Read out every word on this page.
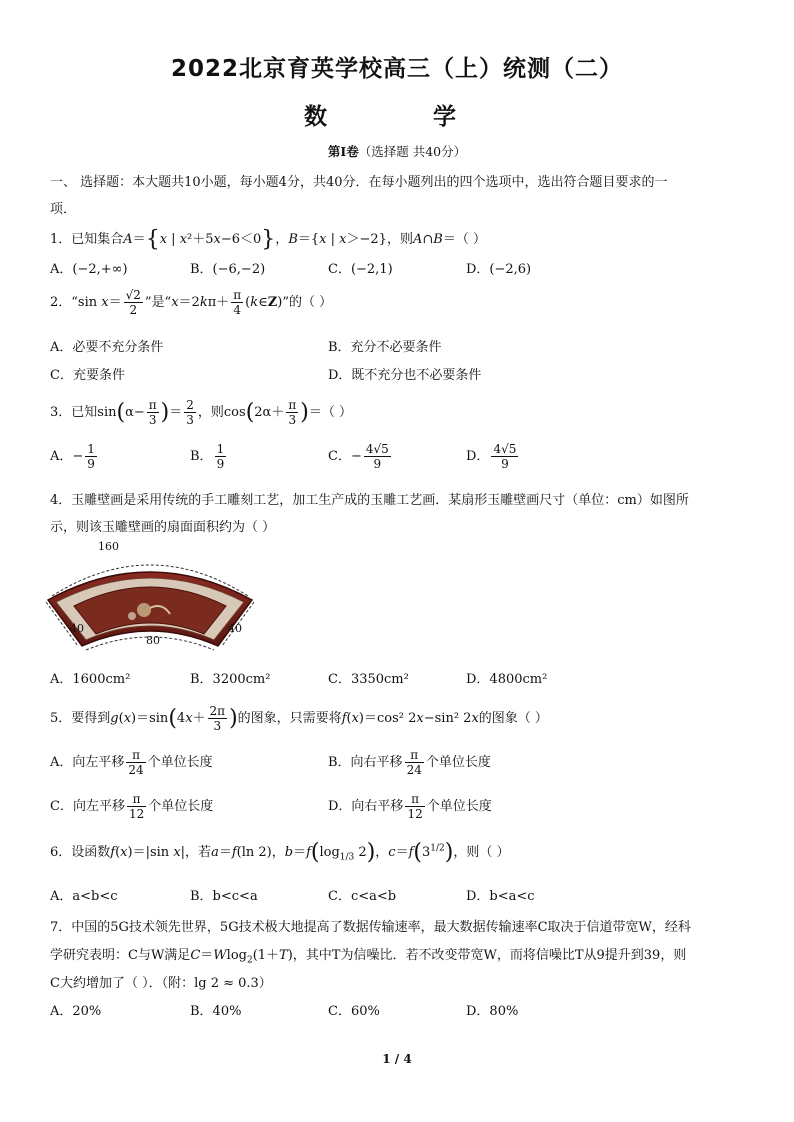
2022北京育英学校高三（上）统测（二）
数 学
第Ⅰ卷（选择题 共40分）
一、 选择题：本大题共10小题，每小题4分，共40分．在每小题列出的四个选项中，选出符合题目要求的一
项．
1．已知集合A＝{x | x²＋5x−6＜0}，B＝{x | x＞−2}，则A∩B＝（ ）
A．(−2,+∞)	B．(−6,−2)	C．(−2,1)	D．(−2,6)
2．“sin $x= \frac{√2}{2}$ ”是“$x=2k\pi+ \frac{\pi}{4}$ (k∈Z)”的（ ）
A．必要不充分条件	B．充分不必要条件
C．充要条件	D．既不充分也不必要条件
3．已知$\sin(\alpha- \frac{\pi}{3}$ )＝ $\frac{2}{3}$ ，则$\cos(2\alpha+ \frac{\pi}{3}$ )＝（ ）
A．− $\frac{1}{9}$	B． $\frac{1}{9}$	C．− $\frac{4√5}{9}$	D． $\frac{4√5}{9}$
4．玉雕壁画是采用传统的手工雕刻工艺，加工生产成的玉雕工艺画．某扇形玉雕壁画尺寸（单位：cm）如图所
示，则该玉雕壁画的扇面面积约为（ ）
160
80
40	40
A．1600cm²	B．3200cm²	C．3350cm²	D．4800cm²
5．要得到$g(x)=\sin(4x+ \frac{2\pi}{3}$ )的图象，只需要将f(x)＝cos² 2x−sin² 2x的图象（ ）
A．向左平移 $\frac{\pi}{24}$ 个单位长度	B．向右平移 $\frac{\pi}{24}$ 个单位长度
C．向左平移 $\frac{\pi}{12}$ 个单位长度	D．向右平移 $\frac{\pi}{12}$ 个单位长度
6．设函数f(x)＝|sin x|，若a＝f(ln 2)，$b=f(\log_{1/3}$ 2)，$c=f(3^{1/2})$，则（ ）
A．a<b<c	B．b<c<a	C．c<a<b	D．b<a<c
7．中国的5G技术领先世界，5G技术极大地提高了数据传输速率，最大数据传输速率C取决于信道带宽W，经科
学研究表明：C与W满足C＝Wlog$_2$(1＋T)，其中T为信噪比．若不改变带宽W，而将信噪比T从9提升到39，则
C大约增加了（ ）．（附：lg 2 ≈ 0.3）
A．20%	B．40%	C．60%	D．80%
1 / 4
